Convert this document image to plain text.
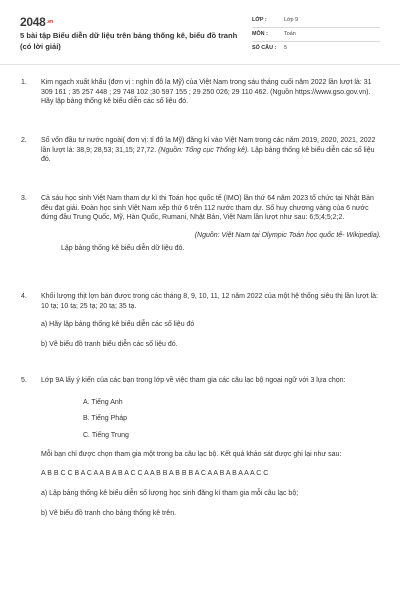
2048.vn
5 bài tập Biểu diễn dữ liệu trên bảng thống kê, biểu đồ tranh (có lời giải)
LỚP :	Lớp 9
MÔN :	Toán
SỐ CÂU :	5
1. Kim ngạch xuất khẩu (đơn vị : nghìn đô la Mỹ) của Việt Nam trong sáu tháng cuối năm 2022 lần lượt là: 31 309 161 ; 35 257 448 ; 29 748 102 ;30 597 155 ; 29 250 026; 29 110 462. (Nguồn https://www.gso.gov.vn). Hãy lập bảng thống kê biểu diễn các số liệu đó.

2. Số vốn đầu tư nước ngoài( đơn vị: tỉ đô la Mỹ) đăng kí vào Việt Nam trong các năm 2019, 2020, 2021, 2022 lần lượt là: 38,9; 28,53; 31,15; 27,72. (Nguồn: Tổng cục Thống kê). Lập bảng thống kê biểu diễn các số liệu đó.

3. Cả sáu học sinh Việt Nam tham dự kì thi Toán học quốc tế (IMO) lần thứ 64 năm 2023 tổ chức tại Nhật Bản đều đạt giải. Đoàn học sinh Việt Nam xếp thứ 6 trên 112 nước tham dự. Số huy chương vàng của 6 nước đứng đầu Trung Quốc, Mỹ, Hàn Quốc, Rumani, Nhật Bản, Việt Nam lần lượt như sau: 6;5;4;5;2;2.

(Nguồn: Việt Nam tại Olympic Toán học quốc tế- Wikipedia).

Lập bảng thống kê biểu diễn dữ liệu đó.

4. Khối lượng thịt lợn bán được trong các tháng 8, 9, 10, 11, 12 năm 2022 của một hệ thống siêu thị lần lượt là: 10 tạ; 10 tạ; 25 tạ; 20 tạ; 35 tạ.

a) Hãy lập bảng thống kê biểu diễn các số liệu đó

b) Vẽ biểu đồ tranh biểu diễn các số liệu đó.

5. Lớp 9A lấy ý kiến của các bạn trong lớp về việc tham gia các câu lạc bộ ngoại ngữ với 3 lựa chọn:

A. Tiếng Anh

B. Tiếng Pháp

C. Tiếng Trung

Mỗi bạn chỉ được chọn tham gia một trong ba câu lạc bộ. Kết quả khảo sát được ghi lại như sau:

A B B C C B A C A A B A B A C C A A B B A B B B A C A A B A B A A A C C

a) Lập bảng thống kê biểu diễn số lượng học sinh đăng kí tham gia mỗi câu lạc bộ;

b) Vẽ biểu đồ tranh cho bảng thống kê trên.
